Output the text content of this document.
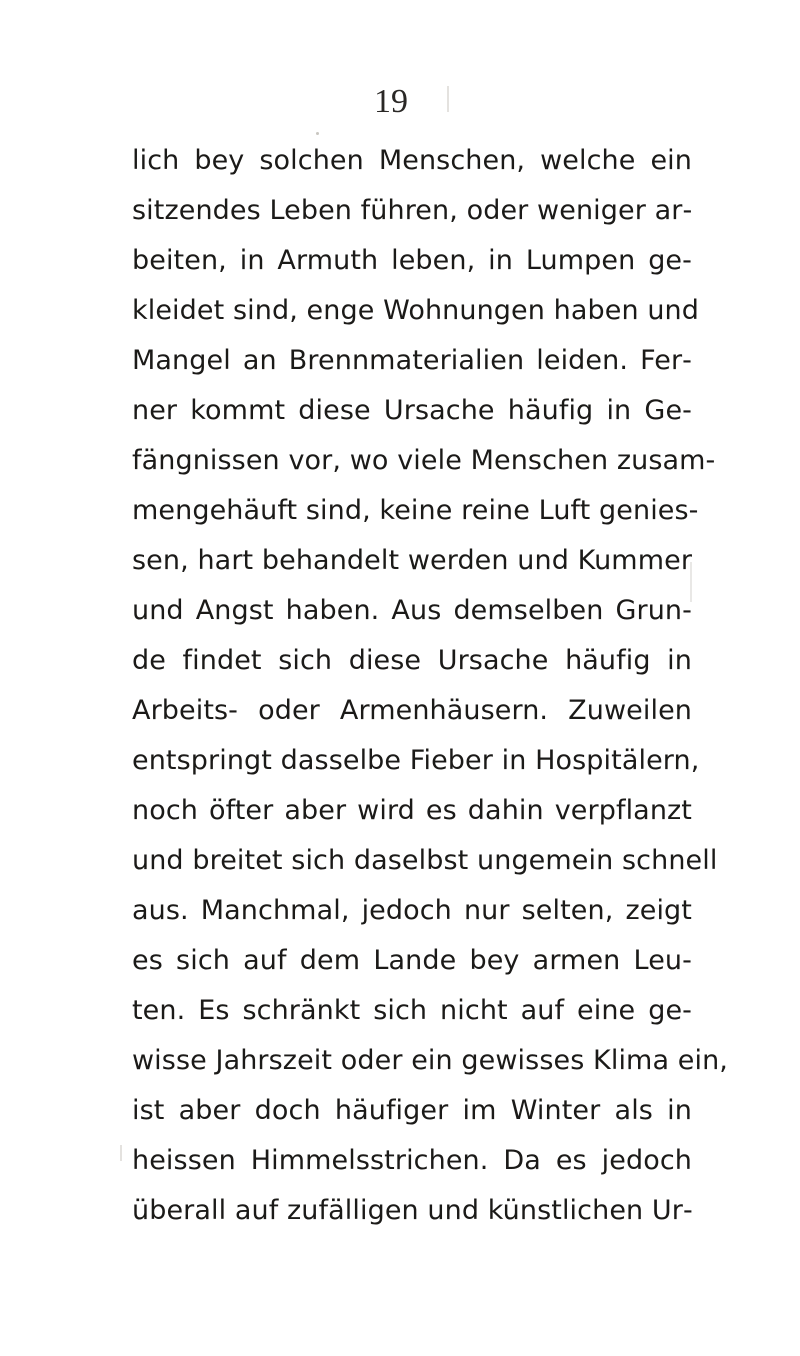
19
lich bey solchen Menschen, welche ein
sitzendes Leben führen, oder weniger ar‑
beiten, in Armuth leben, in Lumpen ge‑
kleidet sind, enge Wohnungen haben und
Mangel an Brennmaterialien leiden. Fer‑
ner kommt diese Ursache häufig in Ge‑
fängnissen vor, wo viele Menschen zusam‑
mengehäuft sind, keine reine Luft genies‑
sen, hart behandelt werden und Kummer
und Angst haben. Aus demselben Grun‑
de findet sich diese Ursache häufig in
Arbeits‑ oder Armenhäusern. Zuweilen
entspringt dasselbe Fieber in Hospitälern,
noch öfter aber wird es dahin verpflanzt
und breitet sich daselbst ungemein schnell
aus. Manchmal, jedoch nur selten, zeigt
es sich auf dem Lande bey armen Leu‑
ten. Es schränkt sich nicht auf eine ge‑
wisse Jahrszeit oder ein gewisses Klima ein,
ist aber doch häufiger im Winter als in
heissen Himmelsstrichen. Da es jedoch
überall auf zufälligen und künstlichen Ur‑
